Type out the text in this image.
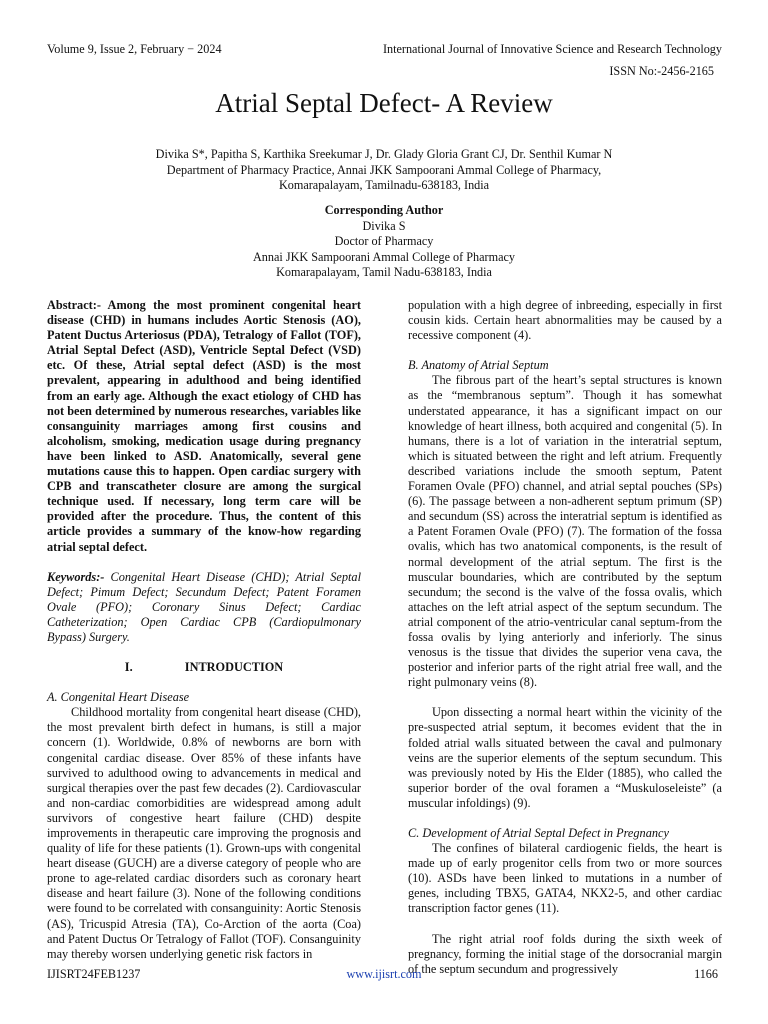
Volume 9, Issue 2, February − 2024	International Journal of Innovative Science and Research Technology
ISSN No:-2456-2165
Atrial Septal Defect- A Review
Divika S*, Papitha S, Karthika Sreekumar J, Dr. Glady Gloria Grant CJ, Dr. Senthil Kumar N
Department of Pharmacy Practice, Annai JKK Sampoorani Ammal College of Pharmacy,
Komarapalayam, Tamilnadu-638183, India
Corresponding Author
Divika S
Doctor of Pharmacy
Annai JKK Sampoorani Ammal College of Pharmacy
Komarapalayam, Tamil Nadu-638183, India

Abstract:- Among the most prominent congenital heart disease (CHD) in humans includes Aortic Stenosis (AO), Patent Ductus Arteriosus (PDA), Tetralogy of Fallot (TOF), Atrial Septal Defect (ASD), Ventricle Septal Defect (VSD) etc. Of these, Atrial septal defect (ASD) is the most prevalent, appearing in adulthood and being identified from an early age. Although the exact etiology of CHD has not been determined by numerous researches, variables like consanguinity marriages among first cousins and alcoholism, smoking, medication usage during pregnancy have been linked to ASD. Anatomically, several gene mutations cause this to happen. Open cardiac surgery with CPB and transcatheter closure are among the surgical technique used. If necessary, long term care will be provided after the procedure. Thus, the content of this article provides a summary of the know-how regarding atrial septal defect.

Keywords:- Congenital Heart Disease (CHD); Atrial Septal Defect; Pimum Defect; Secundum Defect; Patent Foramen Ovale (PFO); Coronary Sinus Defect; Cardiac Catheterization; Open Cardiac CPB (Cardiopulmonary Bypass) Surgery.

I.	INTRODUCTION

A. Congenital Heart Disease

Childhood mortality from congenital heart disease (CHD), the most prevalent birth defect in humans, is still a major concern (1). Worldwide, 0.8% of newborns are born with congenital cardiac disease. Over 85% of these infants have survived to adulthood owing to advancements in medical and surgical therapies over the past few decades (2). Cardiovascular and non-cardiac comorbidities are widespread among adult survivors of congestive heart failure (CHD) despite improvements in therapeutic care improving the prognosis and quality of life for these patients (1). Grown-ups with congenital heart disease (GUCH) are a diverse category of people who are prone to age-related cardiac disorders such as coronary heart disease and heart failure (3). None of the following conditions were found to be correlated with consanguinity: Aortic Stenosis (AS), Tricuspid Atresia (TA), Co-Arction of the aorta (Coa) and Patent Ductus Or Tetralogy of Fallot (TOF). Consanguinity may thereby worsen underlying genetic risk factors in

population with a high degree of inbreeding, especially in first cousin kids. Certain heart abnormalities may be caused by a recessive component (4).

B. Anatomy of Atrial Septum

The fibrous part of the heart’s septal structures is known as the “membranous septum”. Though it has somewhat understated appearance, it has a significant impact on our knowledge of heart illness, both acquired and congenital (5). In humans, there is a lot of variation in the interatrial septum, which is situated between the right and left atrium. Frequently described variations include the smooth septum, Patent Foramen Ovale (PFO) channel, and atrial septal pouches (SPs) (6). The passage between a non-adherent septum primum (SP) and secundum (SS) across the interatrial septum is identified as a Patent Foramen Ovale (PFO) (7). The formation of the fossa ovalis, which has two anatomical components, is the result of normal development of the atrial septum. The first is the muscular boundaries, which are contributed by the septum secundum; the second is the valve of the fossa ovalis, which attaches on the left atrial aspect of the septum secundum. The atrial component of the atrio-ventricular canal septum-from the fossa ovalis by lying anteriorly and inferiorly. The sinus venosus is the tissue that divides the superior vena cava, the posterior and inferior parts of the right atrial free wall, and the right pulmonary veins (8).

Upon dissecting a normal heart within the vicinity of the pre-suspected atrial septum, it becomes evident that the in folded atrial walls situated between the caval and pulmonary veins are the superior elements of the septum secundum. This was previously noted by His the Elder (1885), who called the superior border of the oval foramen a “Muskuloseleiste” (a muscular infoldings) (9).

C. Development of Atrial Septal Defect in Pregnancy

The confines of bilateral cardiogenic fields, the heart is made up of early progenitor cells from two or more sources (10). ASDs have been linked to mutations in a number of genes, including TBX5, GATA4, NKX2-5, and other cardiac transcription factor genes (11).

The right atrial roof folds during the sixth week of pregnancy, forming the initial stage of the dorsocranial margin of the septum secundum and progressively

IJISRT24FEB1237	www.ijisrt.com	1166
